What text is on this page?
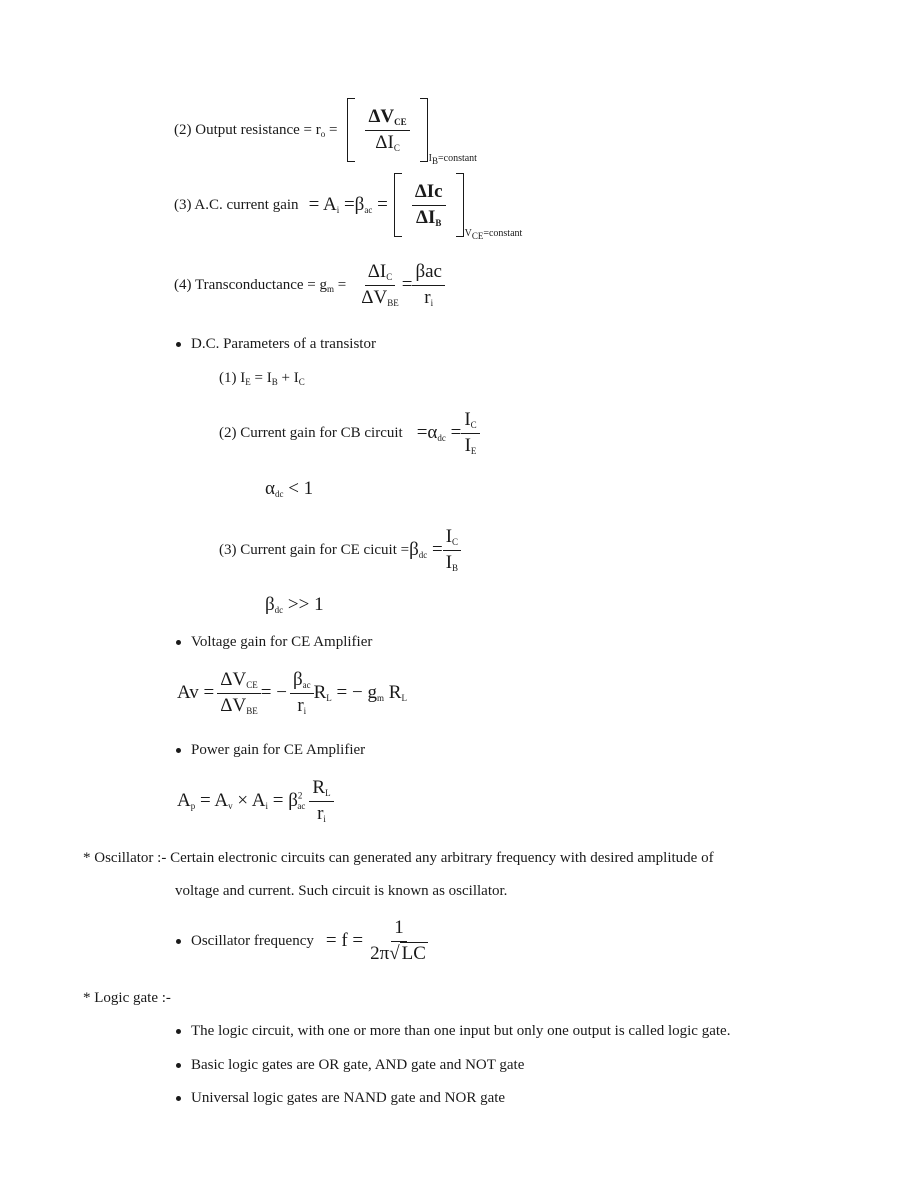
(2) Output resistance = $r_o = \frac{\Delta V_{CE}}{\Delta I_C}$
$I_B=constant$
(3) A.C. current gain = $A_i =\beta_{ac} = \frac{\text{ΔIc}}{\Delta I_B}$
$V_{CE}=constant$
(4) Transconductance = $g_m = \frac{\Delta I_C}{\Delta V_{BE}} = \frac{\text{βac}}{r_i}$
D.C. Parameters of a transistor
(1) $I_E = I_B + I_C$
(2) Current gain for CB circuit $=\alpha_{dc} = \frac{I_C}{I_E}$
$\alpha_{dc} < 1$
(3) Current gain for CE cicuit = $\beta_{dc} = \frac{I_C}{I_B}$
$\beta_{dc} >> 1$
Voltage gain for CE Amplifier
$Av = \frac{\Delta V_{CE}}{\Delta V_{BE}}$ = − $\frac{\beta_{ac}}{r_i} R_L$ = − $g_m$ $R_L$
Power gain for CE Amplifier
$A_p = A_v \times A_i = \beta^2_{ac} \frac{R_L}{r_i}$
* Oscillator :- Certain electronic circuits can generated any arbitrary frequency with desired amplitude of
voltage and current. Such circuit is known as oscillator.
Oscillator frequency = $f = \frac{1}{2\pi√ LC}$
* Logic gate :-
The logic circuit, with one or more than one input but only one output is called logic gate.
Basic logic gates are OR gate, AND gate and NOT gate
Universal logic gates are NAND gate and NOR gate
